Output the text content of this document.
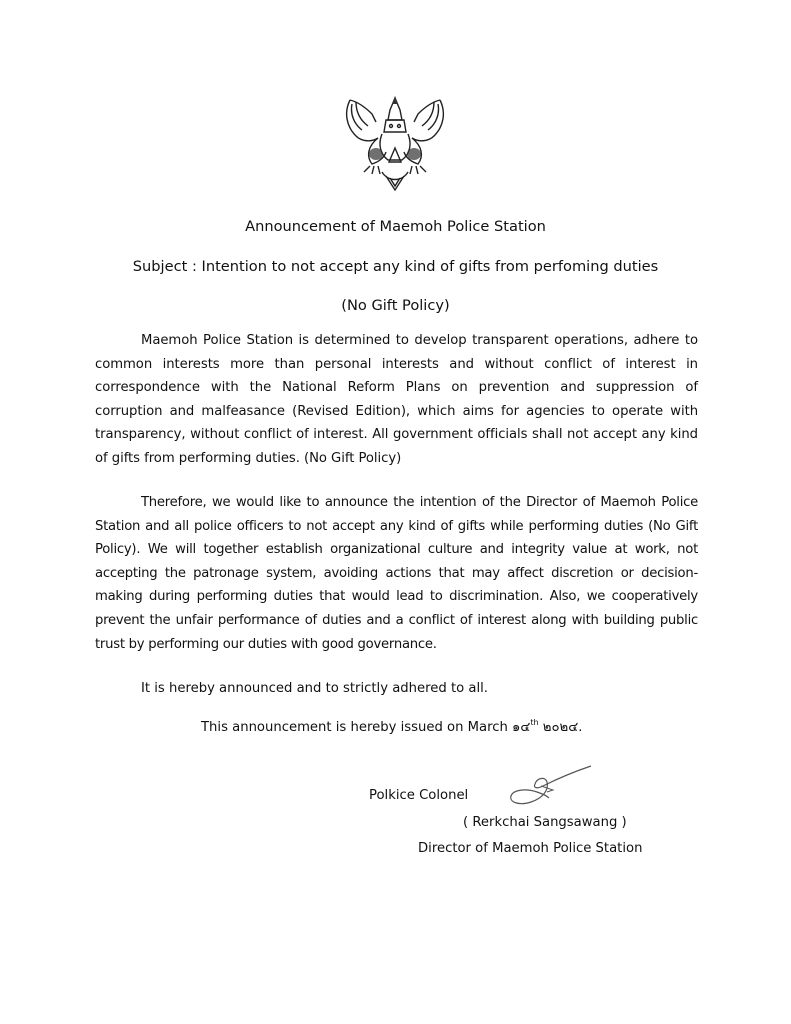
Announcement of Maemoh Police Station
Subject : Intention to not accept any kind of gifts from perfoming duties
(No Gift Policy)

Maemoh Police Station is determined to develop transparent operations, adhere to common interests more than personal interests and without conflict of interest in correspondence with the National Reform Plans on prevention and suppression of corruption and malfeasance (Revised Edition), which aims for agencies to operate with transparency, without conflict of interest. All government officials shall not accept any kind of gifts from performing duties. (No Gift Policy)

Therefore, we would like to announce the intention of the Director of Maemoh Police Station and all police officers to not accept any kind of gifts while performing duties (No Gift Policy). We will together establish organizational culture and integrity value at work, not accepting the patronage system, avoiding actions that may affect discretion or decision-making during performing duties that would lead to discrimination. Also, we cooperatively prevent the unfair performance of duties and a conflict of interest along with building public trust by performing our duties with good governance.

It is hereby announced and to strictly adhered to all.
This announcement is hereby issued on March ๑๔$^{th}$ ๒๐๒๔.
Polkice Colonel
( Rerkchai Sangsawang )
Director of Maemoh Police Station
